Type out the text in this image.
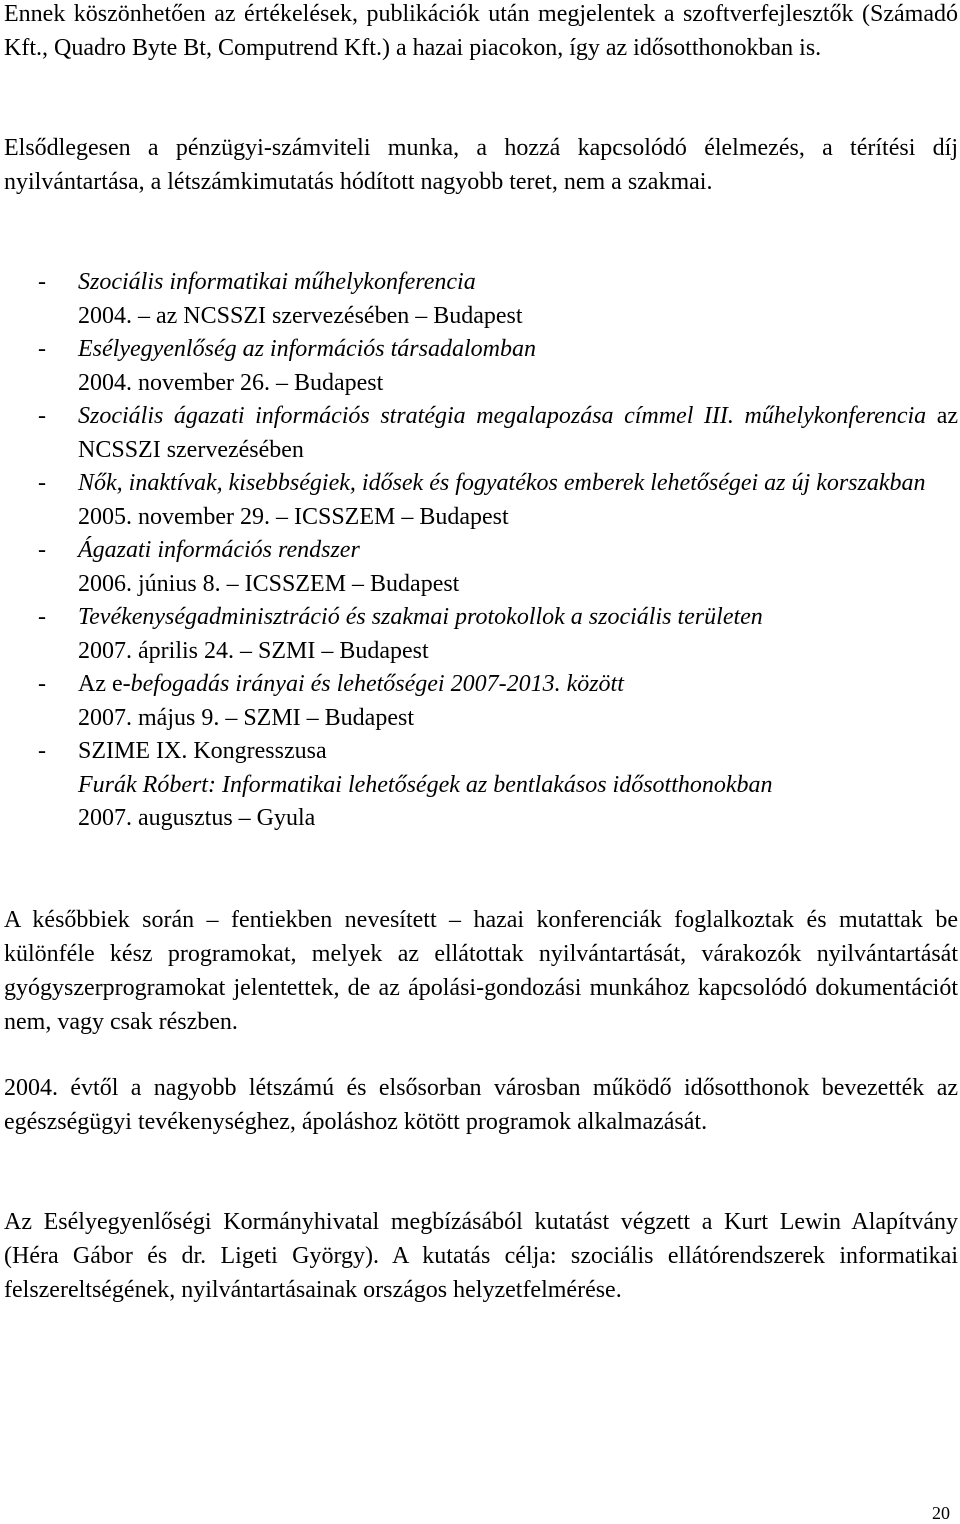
Ennek köszönhetően az értékelések, publikációk után megjelentek a szoftverfejlesztők (Számadó Kft., Quadro Byte Bt, Computrend Kft.) a hazai piacokon, így az idősotthonokban is.

Elsődlegesen a pénzügyi-számviteli munka, a hozzá kapcsolódó élelmezés, a térítési díj nyilvántartása, a létszámkimutatás hódított nagyobb teret, nem a szakmai.

- Szociális informatikai műhelykonferencia
2004. – az NCSSZI szervezésében – Budapest
- Esélyegyenlőség az információs társadalomban
2004. november 26. – Budapest
- Szociális ágazati információs stratégia megalapozása címmel III. műhelykonferencia az NCSSZI szervezésében
- Nők, inaktívak, kisebbségiek, idősek és fogyatékos emberek lehetőségei az új korszakban
2005. november 29. – ICSSZEM – Budapest
- Ágazati információs rendszer
2006. június 8. – ICSSZEM – Budapest
- Tevékenységadminisztráció és szakmai protokollok a szociális területen
2007. április 24. – SZMI – Budapest
- Az e-befogadás irányai és lehetőségei 2007-2013. között
2007. május 9. – SZMI – Budapest
- SZIME IX. Kongresszusa
Furák Róbert: Informatikai lehetőségek az bentlakásos idősotthonokban
2007. augusztus – Gyula

A későbbiek során – fentiekben nevesített – hazai konferenciák foglalkoztak és mutattak be különféle kész programokat, melyek az ellátottak nyilvántartását, várakozók nyilvántartását gyógyszerprogramokat jelentettek, de az ápolási-gondozási munkához kapcsolódó dokumentációt nem, vagy csak részben.

2004. évtől a nagyobb létszámú és elsősorban városban működő idősotthonok bevezették az egészségügyi tevékenységhez, ápoláshoz kötött programok alkalmazását.

Az Esélyegyenlőségi Kormányhivatal megbízásából kutatást végzett a Kurt Lewin Alapítvány (Héra Gábor és dr. Ligeti György). A kutatás célja: szociális ellátórendszerek informatikai felszereltségének, nyilvántartásainak országos helyzetfelmérése.

20
